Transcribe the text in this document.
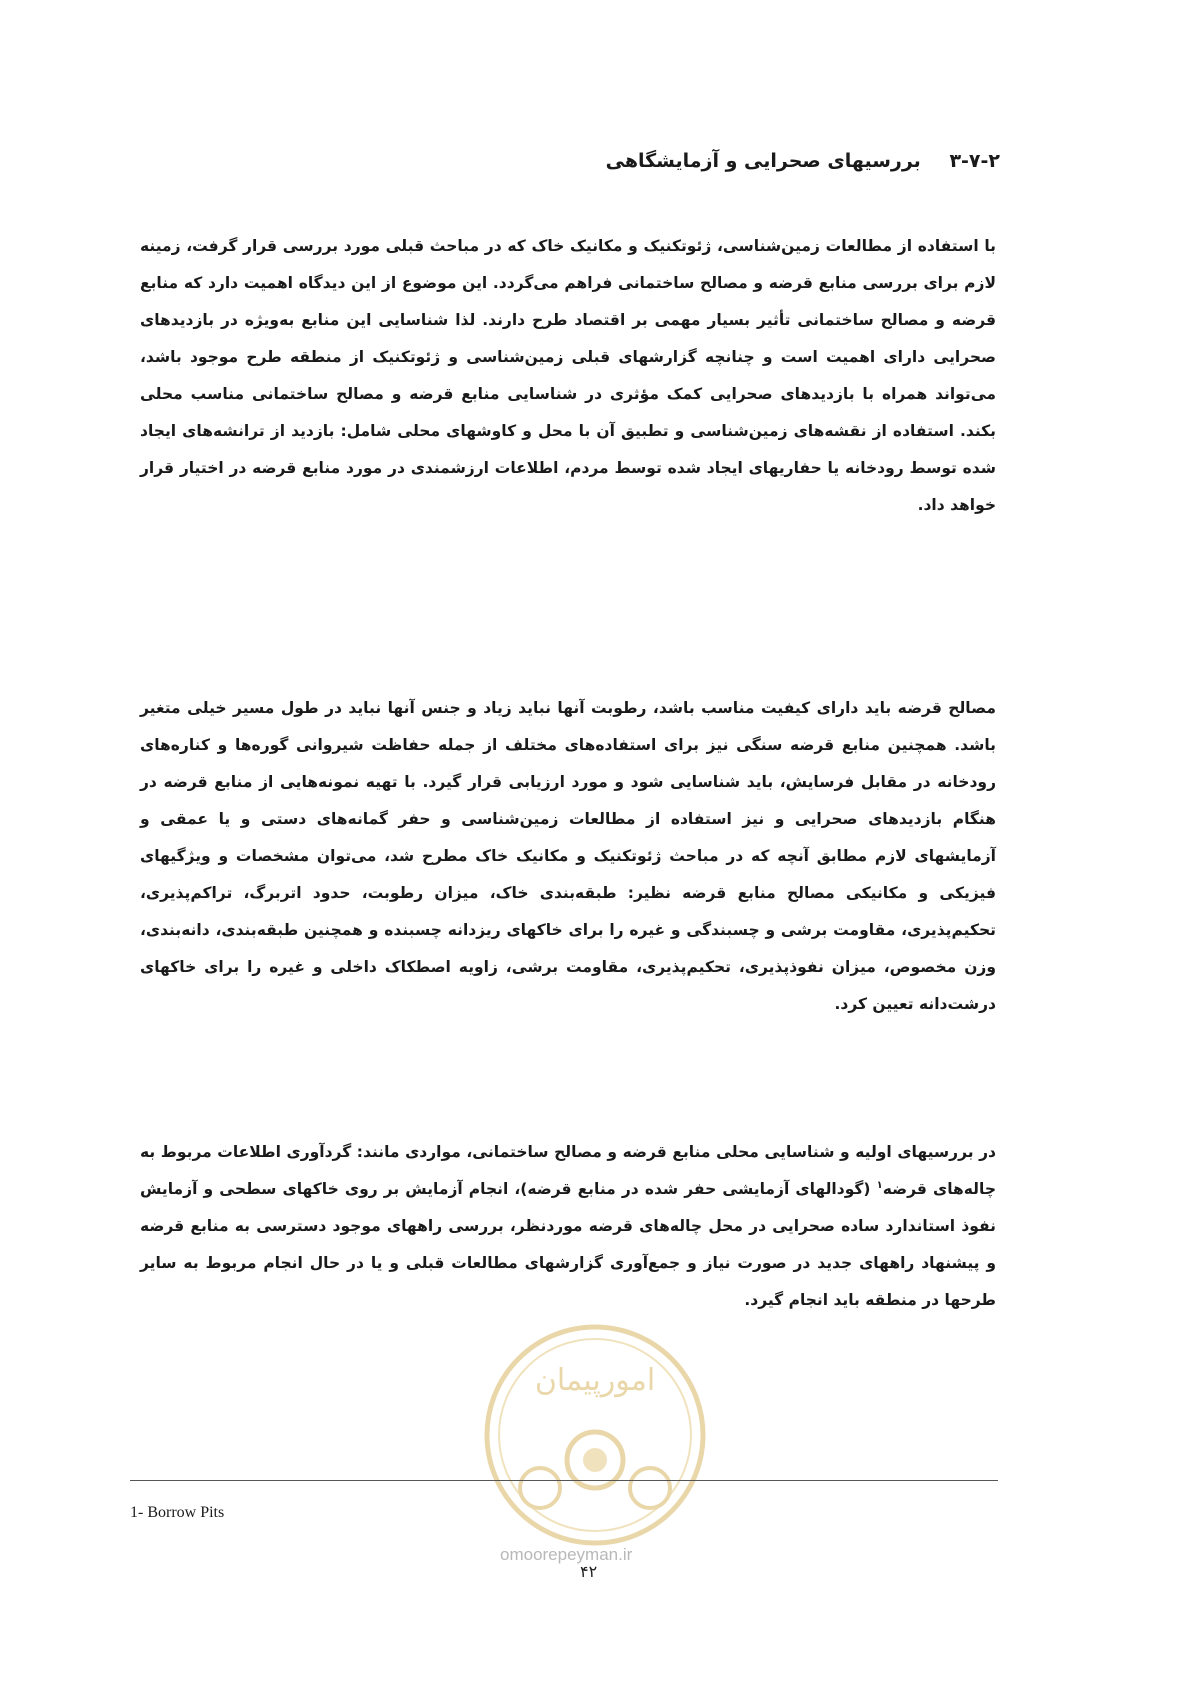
۳-۷-۲ بررسیهای صحرایی و آزمایشگاهی

با استفاده از مطالعات زمین‌شناسی، ژئوتکنیک و مکانیک خاک که در مباحث قبلی مورد بررسی قرار گرفت، زمینه لازم برای بررسی منابع قرضه و مصالح ساختمانی فراهم می‌گردد. این موضوع از این دیدگاه اهمیت دارد که منابع قرضه و مصالح ساختمانی تأثیر بسیار مهمی بر اقتصاد طرح دارند. لذا شناسایی این منابع به‌ویژه در بازدیدهای صحرایی دارای اهمیت است و چنانچه گزارشهای قبلی زمین‌شناسی و ژئوتکنیک از منطقه طرح موجود باشد، می‌تواند همراه با بازدیدهای صحرایی کمک مؤثری در شناسایی منابع قرضه و مصالح ساختمانی مناسب محلی بکند. استفاده از نقشه‌های زمین‌شناسی و تطبیق آن با محل و کاوشهای محلی شامل: بازدید از ترانشه‌های ایجاد شده توسط رودخانه یا حفاریهای ایجاد شده توسط مردم، اطلاعات ارزشمندی در مورد منابع قرضه در اختیار قرار خواهد داد.

مصالح قرضه باید دارای کیفیت مناسب باشد، رطوبت آنها نباید زیاد و جنس آنها نباید در طول مسیر خیلی متغیر باشد. همچنین منابع قرضه سنگی نیز برای استفاده‌های مختلف از جمله حفاظت شیروانی گوره‌ها و کناره‌های رودخانه در مقابل فرسایش، باید شناسایی شود و مورد ارزیابی قرار گیرد. با تهیه نمونه‌هایی از منابع قرضه در هنگام بازدیدهای صحرایی و نیز استفاده از مطالعات زمین‌شناسی و حفر گمانه‌های دستی و یا عمقی و آزمایشهای لازم مطابق آنچه که در مباحث ژئوتکنیک و مکانیک خاک مطرح شد، می‌توان مشخصات و ویژگیهای فیزیکی و مکانیکی مصالح منابع قرضه نظیر: طبقه‌بندی خاک، میزان رطوبت، حدود اتربرگ، تراکم‌پذیری، تحکیم‌پذیری، مقاومت برشی و چسبندگی و غیره را برای خاکهای ریزدانه چسبنده و همچنین طبقه‌بندی، دانه‌بندی، وزن مخصوص، میزان نفوذپذیری، تحکیم‌پذیری، مقاومت برشی، زاویه اصطکاک داخلی و غیره را برای خاکهای درشت‌دانه تعیین کرد.

در بررسیهای اولیه و شناسایی محلی منابع قرضه و مصالح ساختمانی، مواردی مانند: گردآوری اطلاعات مربوط به چاله‌های قرضه$^۱$ (گودالهای آزمایشی حفر شده در منابع قرضه)، انجام آزمایش بر روی خاکهای سطحی و آزمایش نفوذ استاندارد ساده صحرایی در محل چاله‌های قرضه موردنظر، بررسی راههای موجود دسترسی به منابع قرضه و پیشنهاد راههای جدید در صورت نیاز و جمع‌آوری گزارشهای مطالعات قبلی و یا در حال انجام مربوط به سایر طرحها در منطقه باید انجام گیرد.

امورپیمان
1- Borrow Pits
omoorepeyman.ir
۴۲
